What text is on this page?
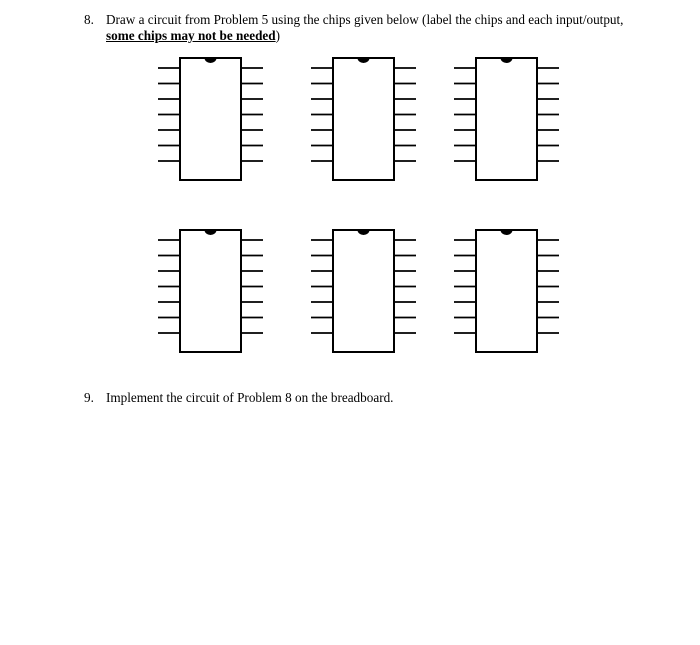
8. Draw a circuit from Problem 5 using the chips given below (label the chips and each input/output, some chips may not be needed)
9. Implement the circuit of Problem 8 on the breadboard.
